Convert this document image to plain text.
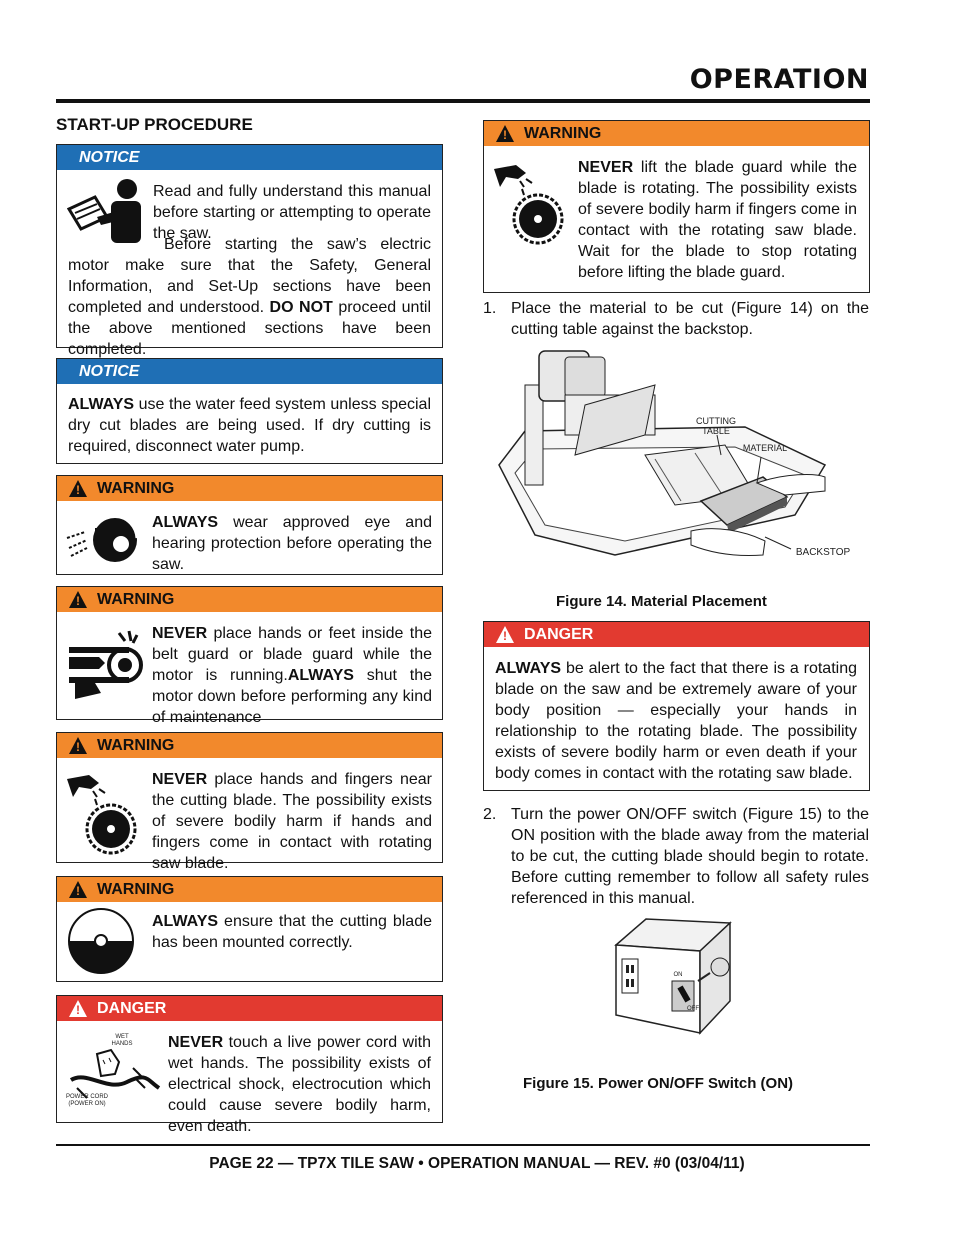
OPERATION
START-UP PROCEDURE
NOTICE
Read and fully understand this manual before starting or attempting to operate the saw.
Before starting the saw’s electric motor make sure that the Safety, General Information, and Set-Up sections have been completed and understood. DO NOT proceed until the above mentioned sections have been completed.
NOTICE
ALWAYS use the water feed system unless special dry cut blades are being used. If dry cutting is required, disconnect water pump.
! WARNING
ALWAYS wear approved eye and hearing protection before operating the saw.
! WARNING
NEVER place hands or feet inside the belt guard or blade guard while the motor is running.ALWAYS shut the motor down before performing any kind of maintenance
! WARNING
NEVER place hands and fingers near the cutting blade. The possibility exists of severe bodily harm if hands and fingers come in contact with rotating saw blade.
! WARNING
ALWAYS ensure that the cutting blade has been mounted correctly.
! DANGER
WET HANDS
POWER CORD (POWER ON)
NEVER touch a live power cord with wet hands. The possibility exists of electrical shock, electrocution which could cause severe bodily harm, even death.
! WARNING
NEVER lift the blade guard while the blade is rotating. The possibility exists of severe bodily harm if fingers come in contact with the rotating saw blade. Wait for the blade to stop rotating before lifting the blade guard.
1. Place the material to be cut (Figure 14) on the cutting table against the backstop.
CUTTING TABLE
MATERIAL
BACKSTOP
Figure 14. Material Placement
! DANGER
ALWAYS be alert to the fact that there is a rotating blade on the saw and be extremely aware of your body position — especially your hands in relationship to the rotating blade. The possibility exists of severe bodily harm or even death if your body comes in contact with the rotating saw blade.
2. Turn the power ON/OFF switch (Figure 15) to the ON position with the blade away from the material to be cut, the cutting blade should begin to rotate. Before cutting remember to follow all safety rules referenced in this manual.
ON
OFF
Figure 15. Power ON/OFF Switch (ON)
PAGE 22 — TP7X TILE SAW • OPERATION MANUAL — REV. #0 (03/04/11)
